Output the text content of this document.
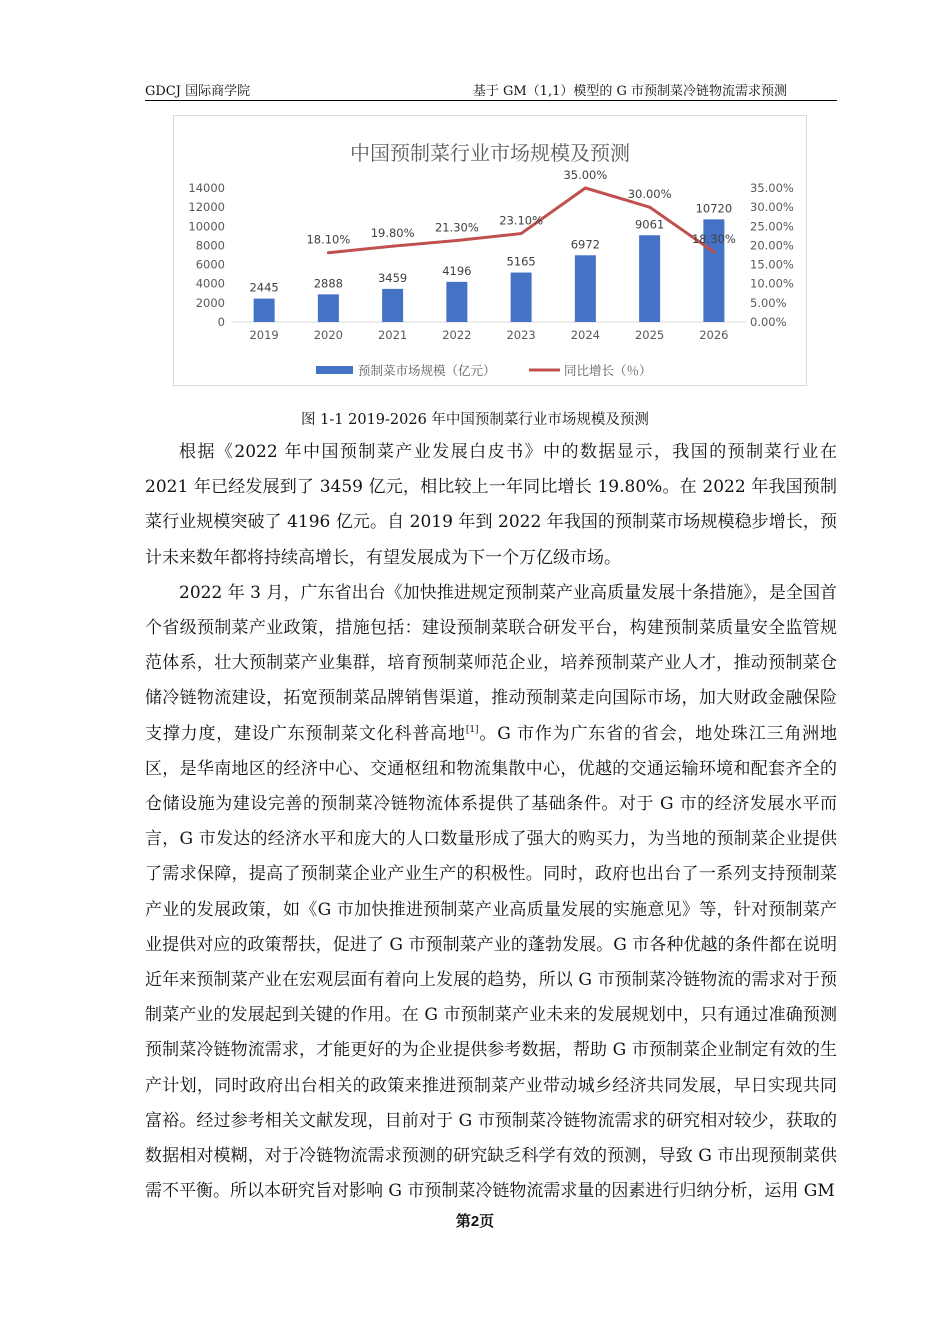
GDCJ 国际商学院	基于 GM（1,1）模型的 G 市预制菜冷链物流需求预测
中国预制菜行业市场规模及预测
0
2000
4000
6000
8000
10000
12000
14000
0.00%
5.00%
10.00%
15.00%
20.00%
25.00%
30.00%
35.00%
2019	2020	2021	2022	2023	2024	2025	2026
2445	2888	3459
4196
5165
6972
9061
10720
18.10% 19.80% 21.30% 23.10%
35.00%
30.00%
18.30%
预制菜市场规模（亿元）	同比增长（％）
图 1-1 2019-2026 年中国预制菜行业市场规模及预测

根据《2022 年中国预制菜产业发展白皮书》中的数据显示，我国的预制菜行业在 2021 年已经发展到了 3459 亿元，相比较上一年同比增长 19.80%。在 2022 年我国预制菜行业规模突破了 4196 亿元。自 2019 年到 2022 年我国的预制菜市场规模稳步增长，预计未来数年都将持续高增长，有望发展成为下一个万亿级市场。

2022 年 3 月，广东省出台《加快推进规定预制菜产业高质量发展十条措施》，是全国首个省级预制菜产业政策，措施包括：建设预制菜联合研发平台，构建预制菜质量安全监管规范体系，壮大预制菜产业集群，培育预制菜师范企业，培养预制菜产业人才，推动预制菜仓储冷链物流建设，拓宽预制菜品牌销售渠道，推动预制菜走向国际市场，加大财政金融保险支撑力度，建设广东预制菜文化科普高地[1]。G 市作为广东省的省会，地处珠江三角洲地区，是华南地区的经济中心、交通枢纽和物流集散中心，优越的交通运输环境和配套齐全的仓储设施为建设完善的预制菜冷链物流体系提供了基础条件。对于 G 市的经济发展水平而言，G 市发达的经济水平和庞大的人口数量形成了强大的购买力，为当地的预制菜企业提供了需求保障，提高了预制菜企业产业生产的积极性。同时，政府也出台了一系列支持预制菜产业的发展政策，如《G 市加快推进预制菜产业高质量发展的实施意见》等，针对预制菜产业提供对应的政策帮扶，促进了 G 市预制菜产业的蓬勃发展。G 市各种优越的条件都在说明近年来预制菜产业在宏观层面有着向上发展的趋势，所以 G 市预制菜冷链物流的需求对于预制菜产业的发展起到关键的作用。在 G 市预制菜产业未来的发展规划中，只有通过准确预测预制菜冷链物流需求，才能更好的为企业提供参考数据，帮助 G 市预制菜企业制定有效的生产计划，同时政府出台相关的政策来推进预制菜产业带动城乡经济共同发展，早日实现共同富裕。经过参考相关文献发现，目前对于 G 市预制菜冷链物流需求的研究相对较少，获取的数据相对模糊，对于冷链物流需求预测的研究缺乏科学有效的预测，导致 G 市出现预制菜供需不平衡。所以本研究旨对影响 G 市预制菜冷链物流需求量的因素进行归纳分析，运用 GM

第2页
